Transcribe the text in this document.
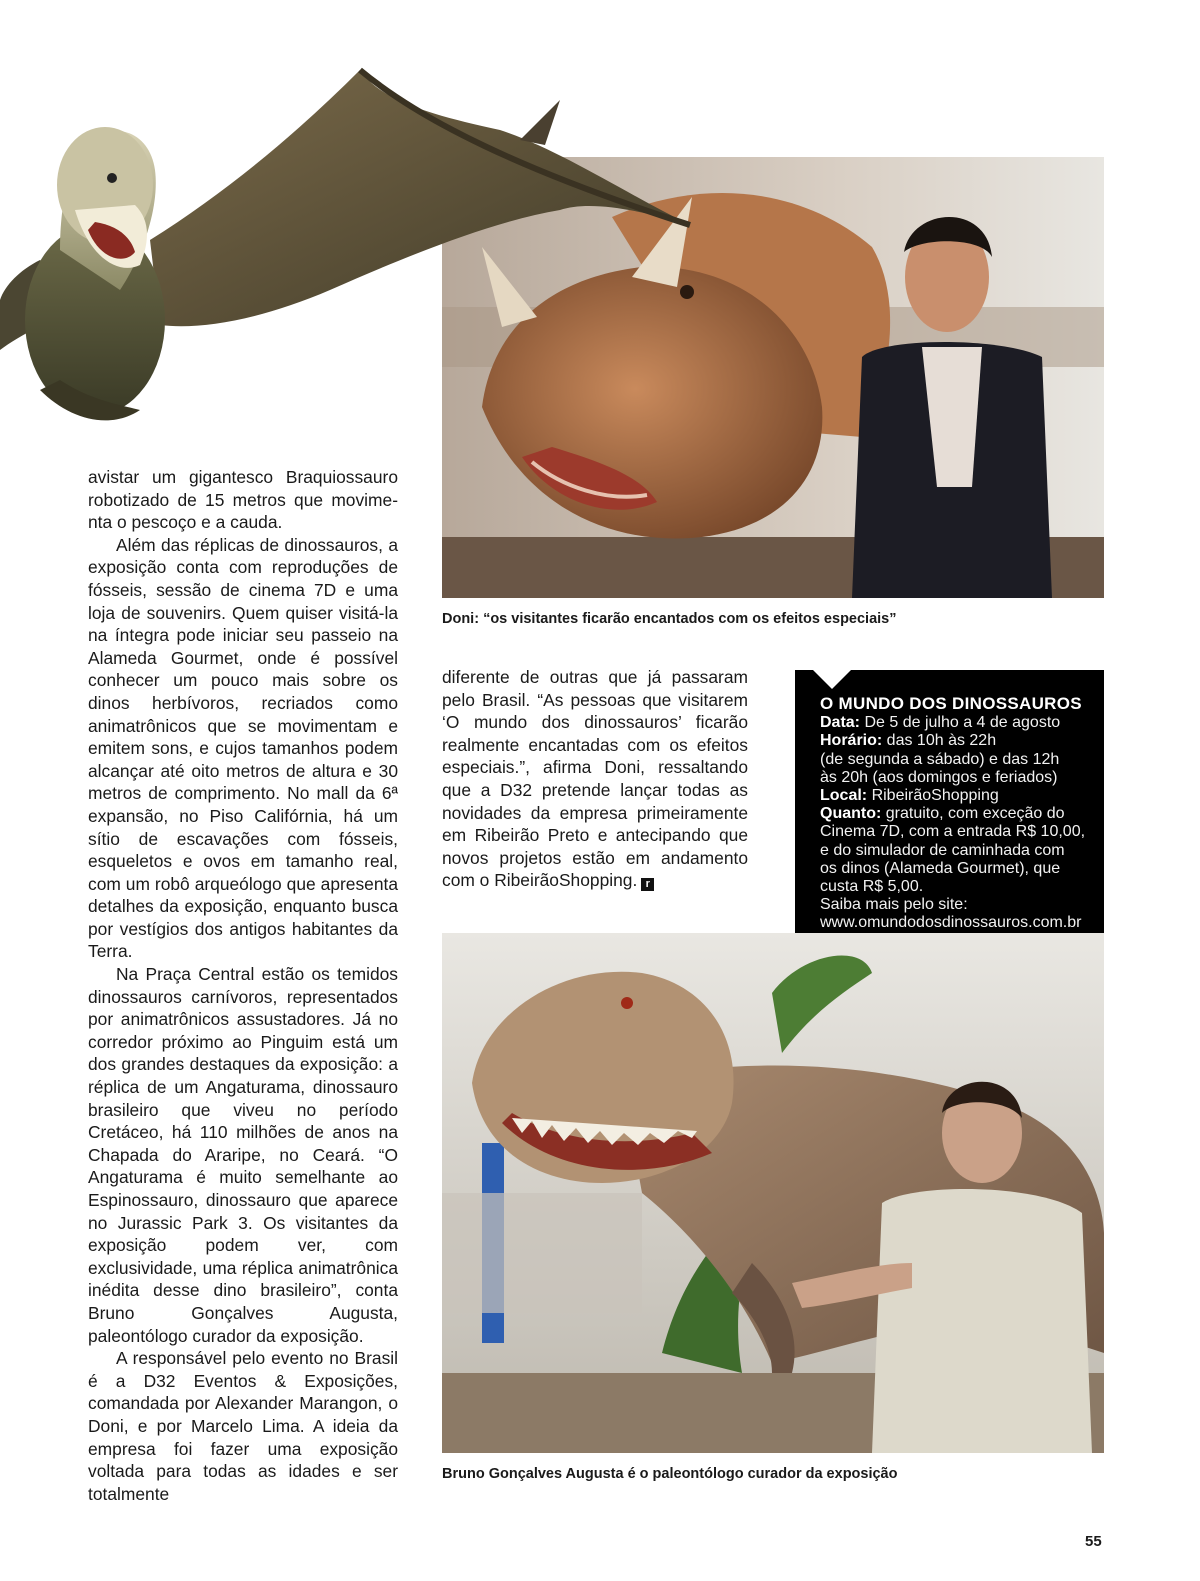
Doni: “os visitantes ficarão encantados com os efeitos especiais”

avistar um gigantesco Braquiossauro robotizado de 15 metros que movimenta o pescoço e a cauda.

Além das réplicas de dinossauros, a exposição conta com reproduções de fósseis, sessão de cinema 7D e uma loja de souvenirs. Quem quiser visitá-la na íntegra pode iniciar seu passeio na Alameda Gourmet, onde é possível conhecer um pouco mais sobre os dinos herbívoros, recriados como animatrônicos que se movimentam e emitem sons, e cujos tamanhos podem alcançar até oito metros de altura e 30 metros de comprimento. No mall da 6ª expansão, no Piso Califórnia, há um sítio de escavações com fósseis, esqueletos e ovos em tamanho real, com um robô arqueólogo que apresenta detalhes da exposição, enquanto busca por vestígios dos antigos habitantes da Terra.

Na Praça Central estão os temidos dinossauros carnívoros, representados por animatrônicos assustadores. Já no corredor próximo ao Pinguim está um dos grandes destaques da exposição: a réplica de um Angaturama, dinossauro brasileiro que viveu no período Cretáceo, há 110 milhões de anos na Chapada do Araripe, no Ceará. “O Angaturama é muito semelhante ao Espinossauro, dinossauro que aparece no Jurassic Park 3. Os visitantes da exposição podem ver, com exclusividade, uma réplica animatrônica inédita desse dino brasileiro”, conta Bruno Gonçalves Augusta, paleontólogo curador da exposição.

A responsável pelo evento no Brasil é a D32 Eventos & Exposições, comandada por Alexander Marangon, o Doni, e por Marcelo Lima. A ideia da empresa foi fazer uma exposição voltada para todas as idades e ser totalmente

diferente de outras que já passaram pelo Brasil. “As pessoas que visitarem ‘O mundo dos dinossauros’ ficarão realmente encantadas com os efeitos especiais.”, afirma Doni, ressaltando que a D32 pretende lançar todas as novidades da empresa primeiramente em Ribeirão Preto e antecipando que novos projetos estão em andamento com o RibeirãoShopping. r

O MUNDO DOS DINOSSAUROS

Data: De 5 de julho a 4 de agosto

Horário: das 10h às 22h

(de segunda a sábado) e das 12h

às 20h (aos domingos e feriados)

Local: RibeirãoShopping

Quanto: gratuito, com exceção do

Cinema 7D, com a entrada R$ 10,00,

e do simulador de caminhada com

os dinos (Alameda Gourmet), que

custa R$ 5,00.

Saiba mais pelo site:

www.omundodosdinossauros.com.br

Bruno Gonçalves Augusta é o paleontólogo curador da exposição
55
